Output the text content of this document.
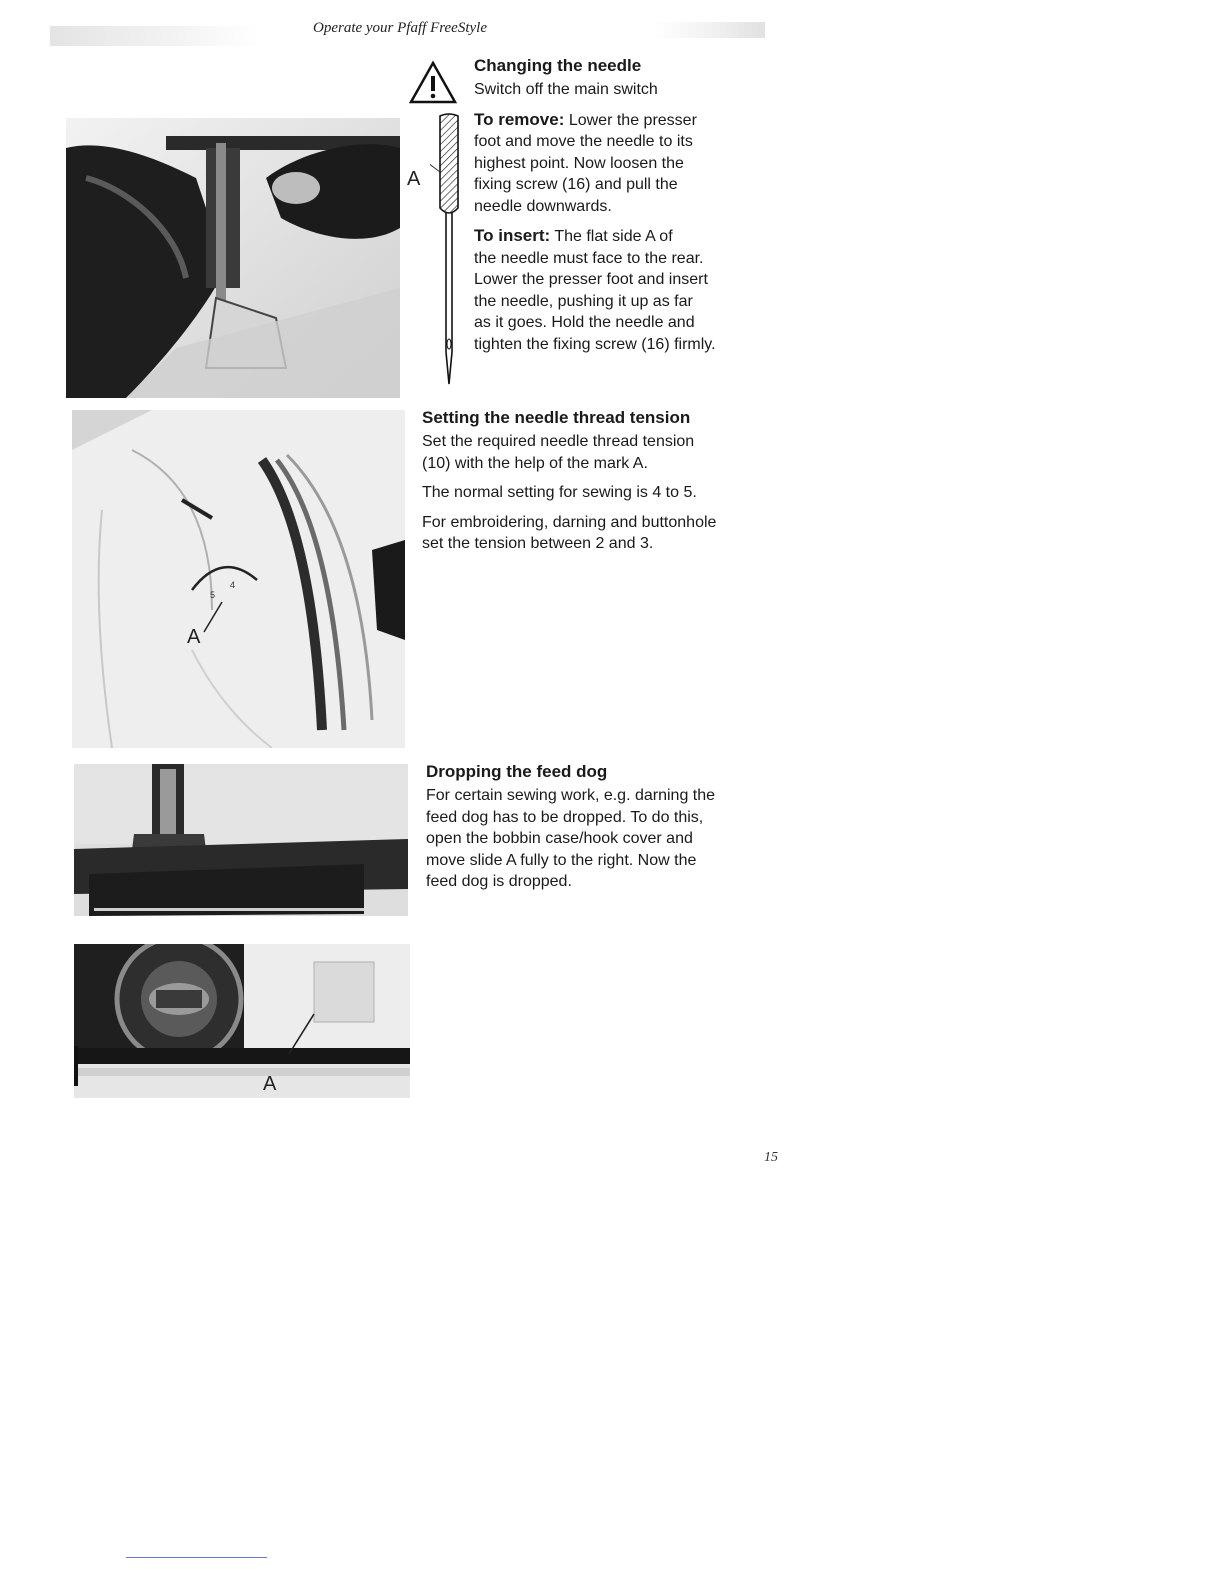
Operate your Pfaff FreeStyle
A
Changing the needle

Switch off the main switch

To remove: Lower the presser
foot and move the needle to its
highest point. Now loosen the
fixing screw (16) and pull the
needle downwards.

To insert: The flat side A of
the needle must face to the rear.
Lower the presser foot and insert
the needle, pushing it up as far
as it goes. Hold the needle and
tighten the fixing screw (16) firmly.

5
4
A
Setting the needle thread tension

Set the required needle thread tension
(10) with the help of the mark A.

The normal setting for sewing is 4 to 5.

For embroidering, darning and buttonhole
set the tension between 2 and 3.

Dropping the feed dog

For certain sewing work, e.g. darning the
feed dog has to be dropped. To do this,
open the bobbin case/hook cover and
move slide A fully to the right. Now the
feed dog is dropped.

A
15
